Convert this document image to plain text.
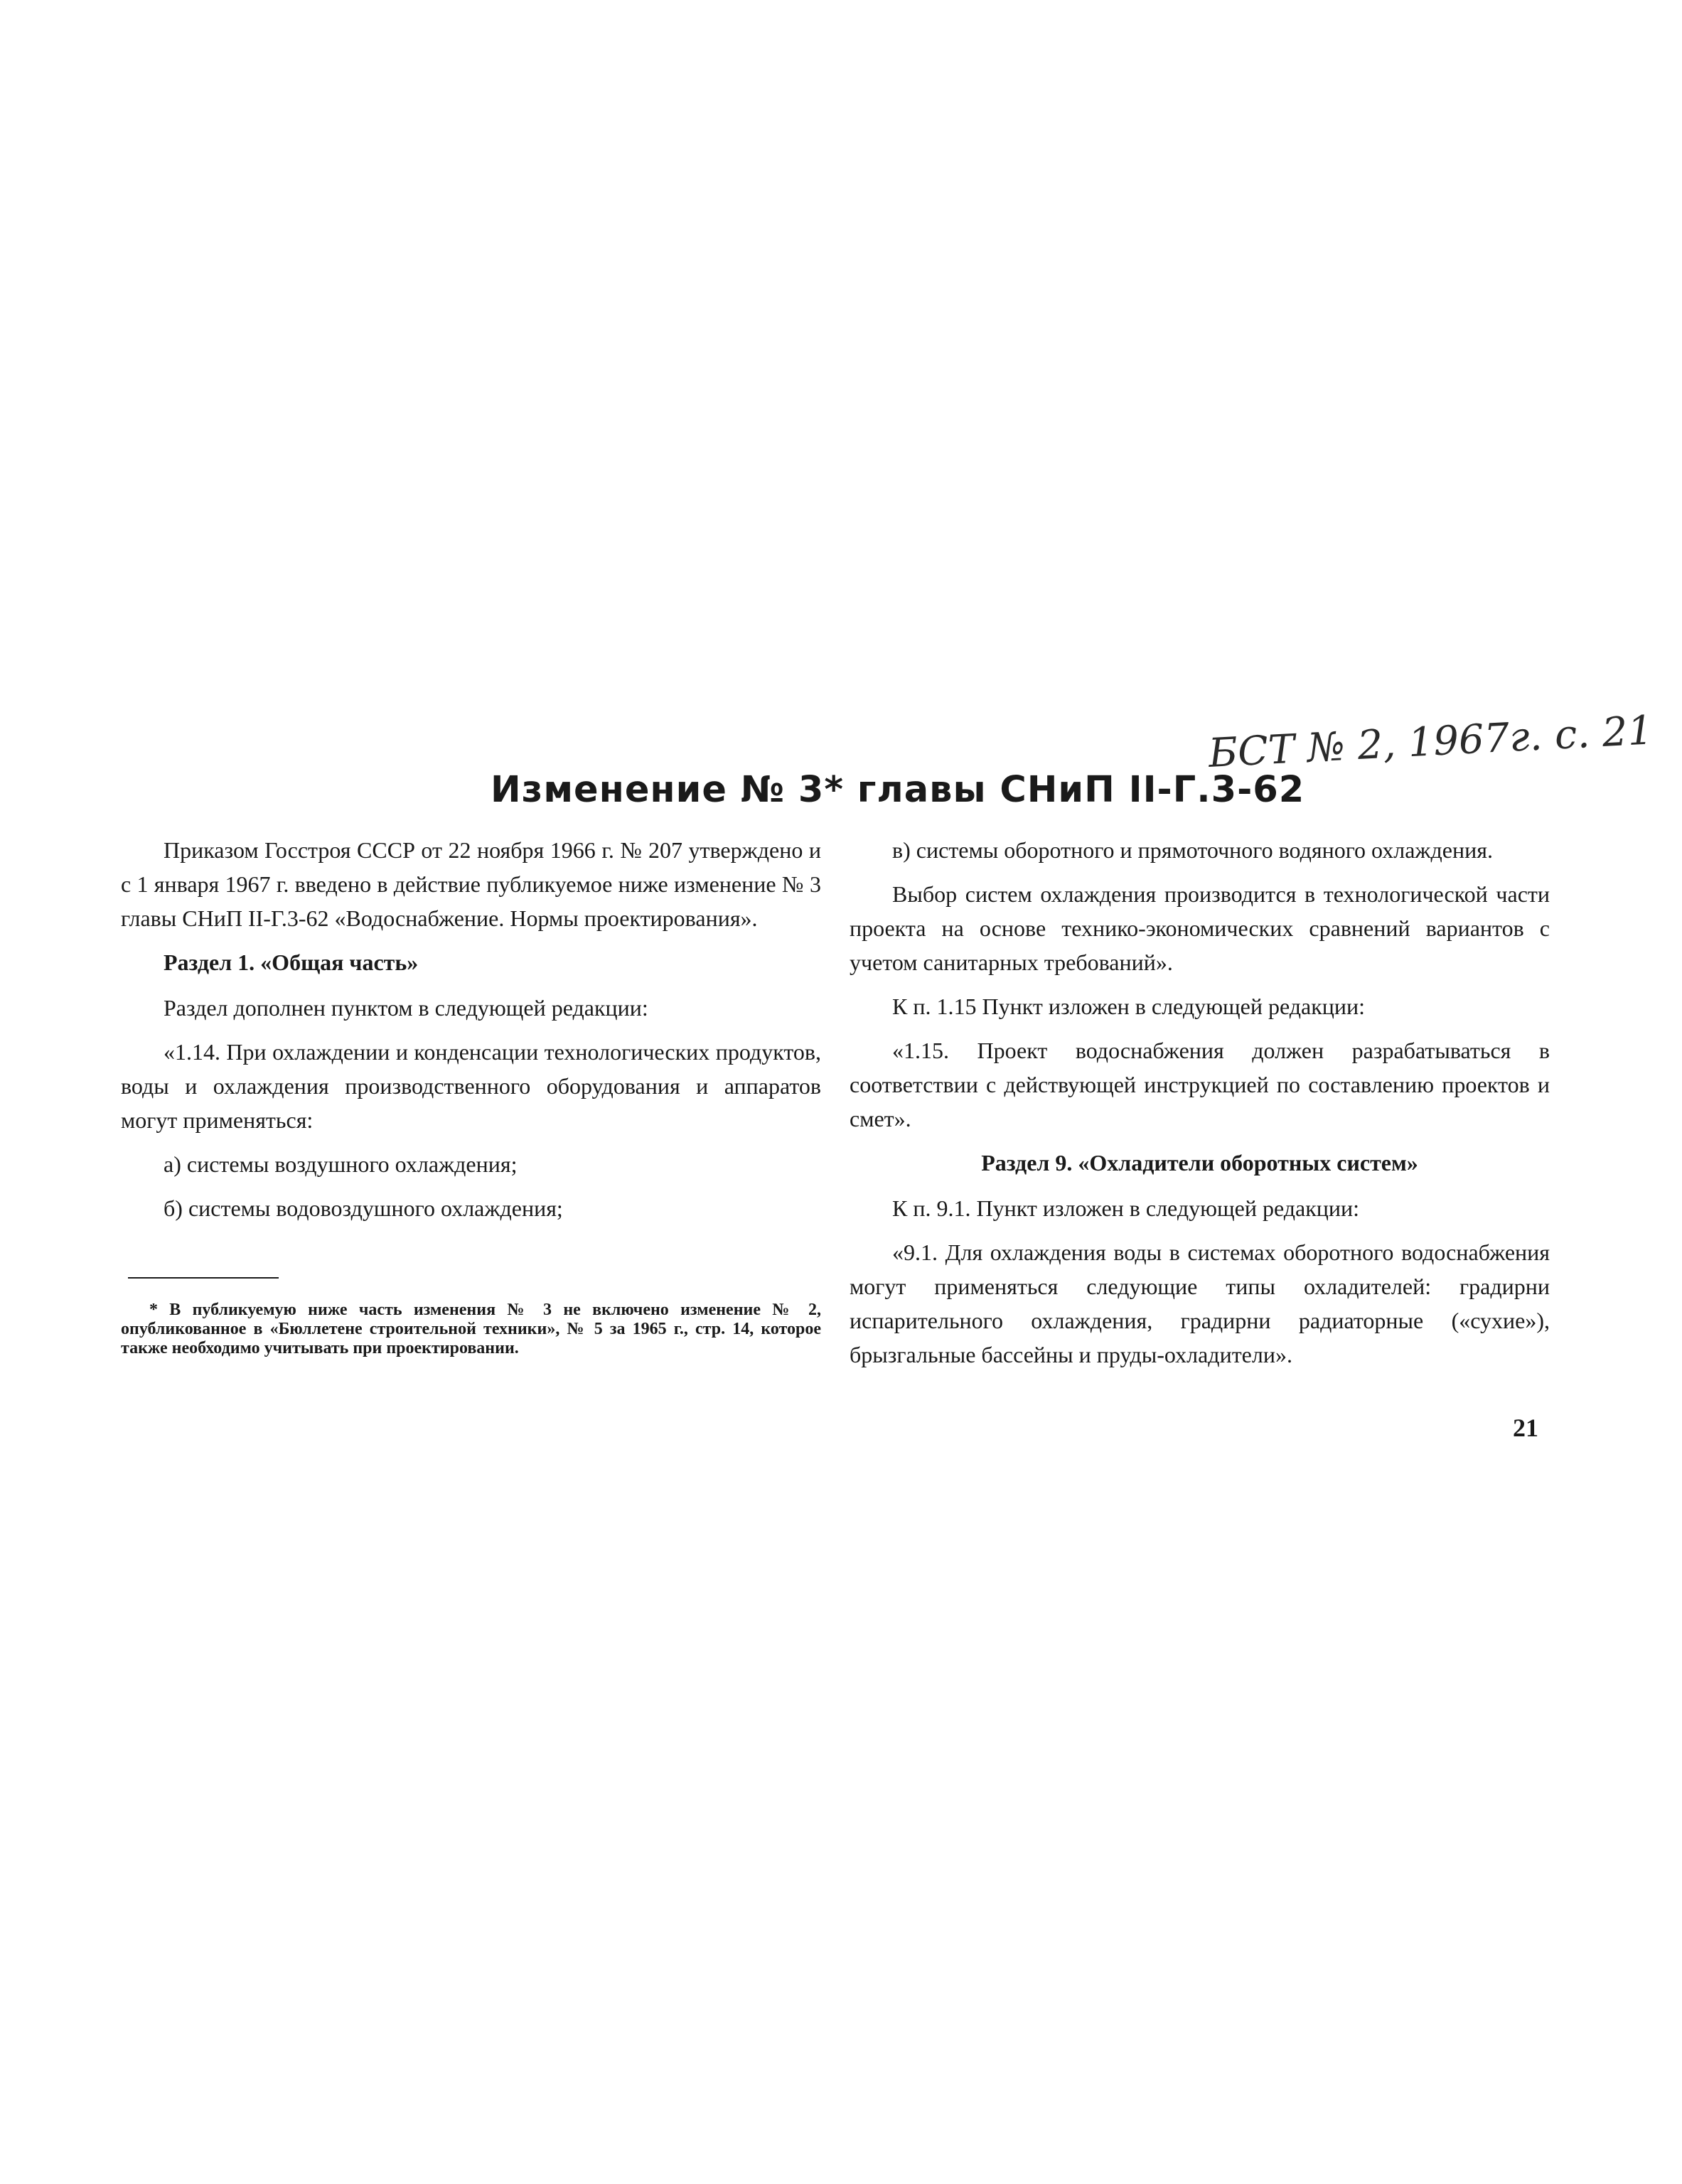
БСТ № 2, 1967г. с. 21
Изменение № 3* главы СНиП II-Г.3-62

Приказом Госстроя СССР от 22 ноября 1966 г. № 207 утверждено и с 1 января 1967 г. введено в действие публикуемое ниже изменение № 3 главы СНиП II-Г.3-62 «Водоснабжение. Нормы проектирования».

Раздел 1. «Общая часть»

Раздел дополнен пунктом в следующей редакции:

«1.14. При охлаждении и конденсации технологических продуктов, воды и охлаждения производственного оборудования и аппаратов могут применяться:

а) системы воздушного охлаждения;

б) системы водовоздушного охлаждения;

* В публикуемую ниже часть изменения № 3 не включено изменение № 2, опубликованное в «Бюллетене строительной техники», № 5 за 1965 г., стр. 14, которое также необходимо учитывать при проектировании.

в) системы оборотного и прямоточного водяного охлаждения.

Выбор систем охлаждения производится в технологической части проекта на основе технико-экономических сравнений вариантов с учетом санитарных требований».

К п. 1.15 Пункт изложен в следующей редакции:

«1.15. Проект водоснабжения должен разрабатываться в соответствии с действующей инструкцией по составлению проектов и смет».

Раздел 9. «Охладители оборотных систем»

К п. 9.1. Пункт изложен в следующей редакции:

«9.1. Для охлаждения воды в системах оборотного водоснабжения могут применяться следующие типы охладителей: градирни испарительного охлаждения, градирни радиаторные («сухие»), брызгальные бассейны и пруды-охладители».

21
